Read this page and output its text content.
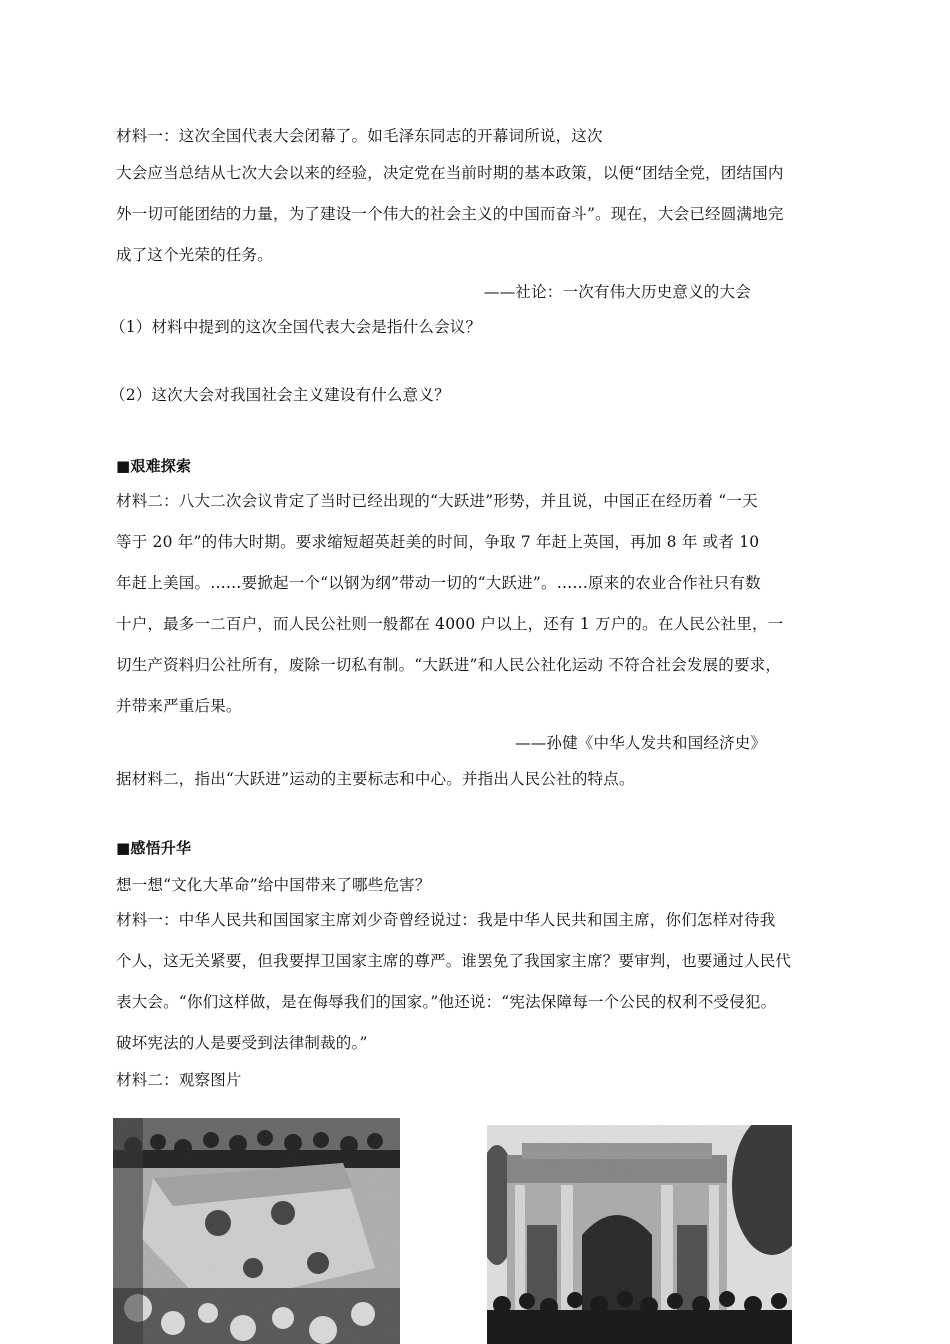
材料一：这次全国代表大会闭幕了。如毛泽东同志的开幕词所说，这次
大会应当总结从七次大会以来的经验，决定党在当前时期的基本政策，以便“团结全党，团结国内
外一切可能团结的力量，为了建设一个伟大的社会主义的中国而奋斗”。现在，大会已经圆满地完
成了这个光荣的任务。
——社论：一次有伟大历史意义的大会
（1）材料中提到的这次全国代表大会是指什么会议？
（2）这次大会对我国社会主义建设有什么意义？
■艰难探索
材料二：八大二次会议肯定了当时已经出现的“大跃进”形势，并且说，中国正在经历着 “一天
等于 20 年”的伟大时期。要求缩短超英赶美的时间，争取 7 年赶上英国，再加 8 年 或者 10
年赶上美国。……要掀起一个“以钢为纲”带动一切的“大跃进”。……原来的农业合作社只有数
十户，最多一二百户，而人民公社则一般都在 4000 户以上，还有 1 万户的。在人民公社里，一
切生产资料归公社所有，废除一切私有制。“大跃进”和人民公社化运动 不符合社会发展的要求，
并带来严重后果。
——孙健《中华人发共和国经济史》
据材料二，指出“大跃进”运动的主要标志和中心。并指出人民公社的特点。
■感悟升华
想一想“文化大革命”给中国带来了哪些危害？
材料一：中华人民共和国国家主席刘少奇曾经说过：我是中华人民共和国主席，你们怎样对待我
个人，这无关紧要，但我要捍卫国家主席的尊严。谁罢免了我国家主席？要审判，也要通过人民代
表大会。“你们这样做，是在侮辱我们的国家。”他还说：“宪法保障每一个公民的权利不受侵犯。
破坏宪法的人是要受到法律制裁的。”
材料二：观察图片
